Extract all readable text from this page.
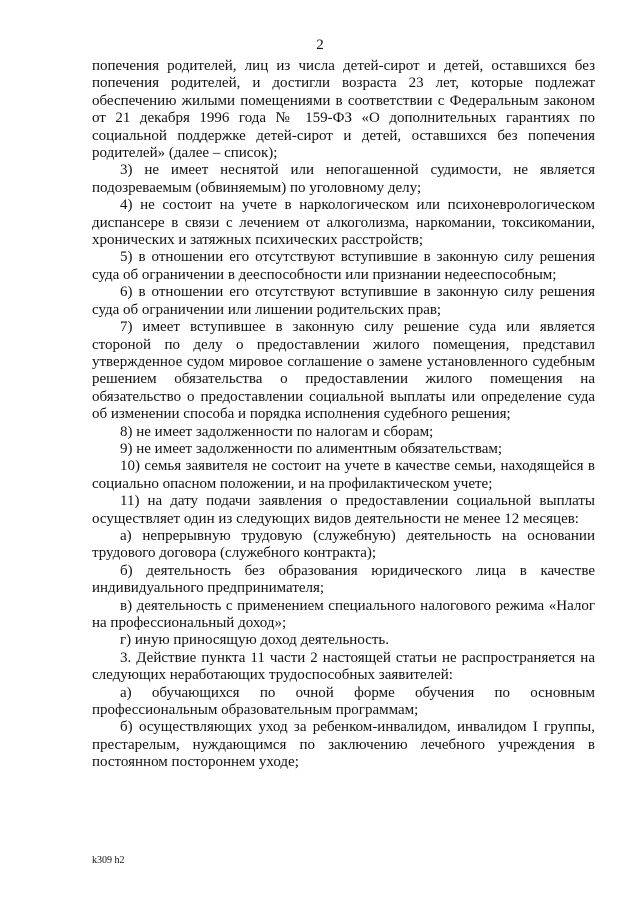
2

попечения родителей, лиц из числа детей-сирот и детей, оставшихся без попечения родителей, и достигли возраста 23 лет, которые подлежат обеспечению жилыми помещениями в соответствии с Федеральным законом от 21 декабря 1996 года № 159-ФЗ «О дополнительных гарантиях по социальной поддержке детей-сирот и детей, оставшихся без попечения родителей» (далее – список);

3) не имеет неснятой или непогашенной судимости, не является подозреваемым (обвиняемым) по уголовному делу;

4) не состоит на учете в наркологическом или психоневрологическом диспансере в связи с лечением от алкоголизма, наркомании, токсикомании, хронических и затяжных психических расстройств;

5) в отношении его отсутствуют вступившие в законную силу решения суда об ограничении в дееспособности или признании недееспособным;

6) в отношении его отсутствуют вступившие в законную силу решения суда об ограничении или лишении родительских прав;

7) имеет вступившее в законную силу решение суда или является стороной по делу о предоставлении жилого помещения, представил утвержденное судом мировое соглашение о замене установленного судебным решением обязательства о предоставлении жилого помещения на обязательство о предоставлении социальной выплаты или определение суда об изменении способа и порядка исполнения судебного решения;

8) не имеет задолженности по налогам и сборам;

9) не имеет задолженности по алиментным обязательствам;

10) семья заявителя не состоит на учете в качестве семьи, находящейся в социально опасном положении, и на профилактическом учете;

11) на дату подачи заявления о предоставлении социальной выплаты осуществляет один из следующих видов деятельности не менее 12 месяцев:

а) непрерывную трудовую (служебную) деятельность на основании трудового договора (служебного контракта);

б) деятельность без образования юридического лица в качестве индивидуального предпринимателя;

в) деятельность с применением специального налогового режима «Налог на профессиональный доход»;

г) иную приносящую доход деятельность.

3. Действие пункта 11 части 2 настоящей статьи не распространяется на следующих неработающих трудоспособных заявителей:

а) обучающихся по очной форме обучения по основным профессиональным образовательным программам;

б) осуществляющих уход за ребенком-инвалидом, инвалидом I группы, престарелым, нуждающимся по заключению лечебного учреждения в постоянном постороннем уходе;

k309 h2
